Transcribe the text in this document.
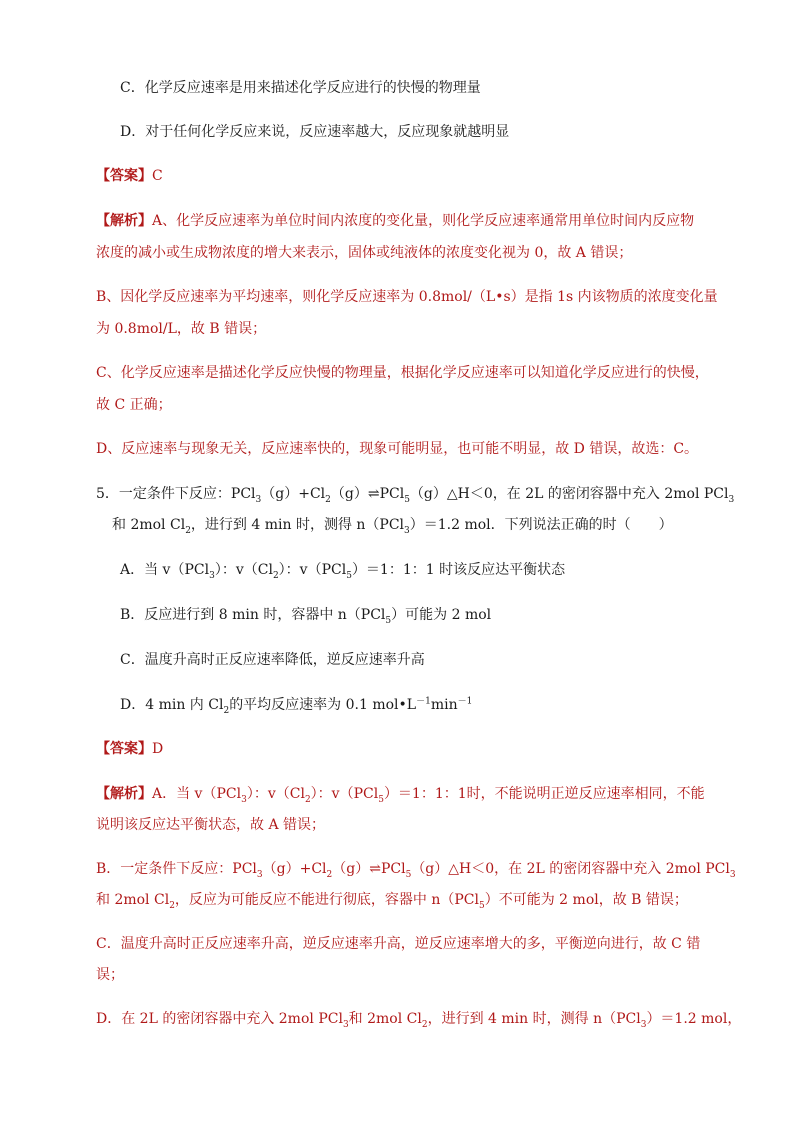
C．化学反应速率是用来描述化学反应进行的快慢的物理量
D．对于任何化学反应来说，反应速率越大，反应现象就越明显
【答案】C
【解析】A、化学反应速率为单位时间内浓度的变化量，则化学反应速率通常用单位时间内反应物
浓度的减小或生成物浓度的增大来表示，固体或纯液体的浓度变化视为 0，故 A 错误；
B、因化学反应速率为平均速率，则化学反应速率为 0.8mol/（L•s）是指 1s 内该物质的浓度变化量
为 0.8mol/L，故 B 错误；
C、化学反应速率是描述化学反应快慢的物理量，根据化学反应速率可以知道化学反应进行的快慢，
故 C 正确；
D、反应速率与现象无关，反应速率快的，现象可能明显，也可能不明显，故 D 错误，故选：C。
5．一定条件下反应：$PCl_3(g)+Cl_2(g)\rightleftharpoons PCl_5(g)\triangle H<0$，在 2L 的密闭容器中充入 2mol PCl$_3$
和 2mol $Cl_2$，进行到 4 min 时，测得 n（PCl$_3$）＝1.2 mol．下列说法正确的时（　　）
A．当 v（PCl$_3$）：$v(Cl_2)$：v（PCl$_5$）＝1：1：1 时该反应达平衡状态
B．反应进行到 8 min 时，容器中 n（PCl$_5$）可能为 2 mol
C．温度升高时正反应速率降低，逆反应速率升高
D．4 min 内 $Cl_2$的平均反应速率为 0.1 $mol•L^{-1}\min^{-1}$
【答案】D
【解析】A．当 v（PCl$_3$）：$v(Cl_2)$：v（PCl$_5$）＝1：1：1时，不能说明正逆反应速率相同，不能
说明该反应达平衡状态，故 A 错误；
B．一定条件下反应：$PCl_3(g)+Cl_2(g)\rightleftharpoons PCl_5(g)\triangle H<0$，在 2L 的密闭容器中充入 2mol PCl$_3$
和 2mol $Cl_2$，反应为可能反应不能进行彻底，容器中 n（PCl$_5$）不可能为 2 mol，故 B 错误；
C．温度升高时正反应速率升高，逆反应速率升高，逆反应速率增大的多，平衡逆向进行，故 C 错
误；
D．在 2L 的密闭容器中充入 2mol PCl$_3$和 2mol $Cl_2$，进行到 4 min 时，测得 n（PCl$_3$）＝1.2 mol，
